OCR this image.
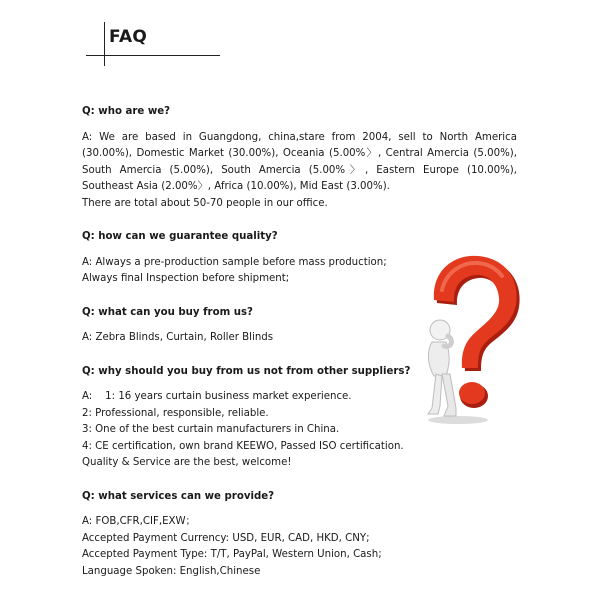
FAQ

Q: who are we?

A: We are based in Guangdong, china,stare from 2004, sell to North America (30.00%), Domestic Market (30.00%), Oceania (5.00%〉, Central Amercia (5.00%), South Amercia (5.00%), South Amercia (5.00%〉, Eastern Europe (10.00%), Southeast Asia (2.00%〉, Africa (10.00%), Mid East (3.00%).

There are total about 50-70 people in our office.

Q: how can we guarantee quality?

A: Always a pre-production sample before mass production;

Always final Inspection before shipment;

Q: what can you buy from us?

A: Zebra Blinds, Curtain, Roller Blinds

Q: why should you buy from us not from other suppliers?

A:    1: 16 years curtain business market experience.

2: Professional, responsible, reliable.

3: One of the best curtain manufacturers in China.

4: CE certification, own brand KEEWO, Passed ISO certification.

Quality & Service are the best, welcome!

Q: what services can we provide?

A: FOB,CFR,CIF,EXW；

Accepted Payment Currency: USD, EUR, CAD, HKD, CNY;

Accepted Payment Type: T/T, PayPal, Western Union, Cash;

Language Spoken: English,Chinese
